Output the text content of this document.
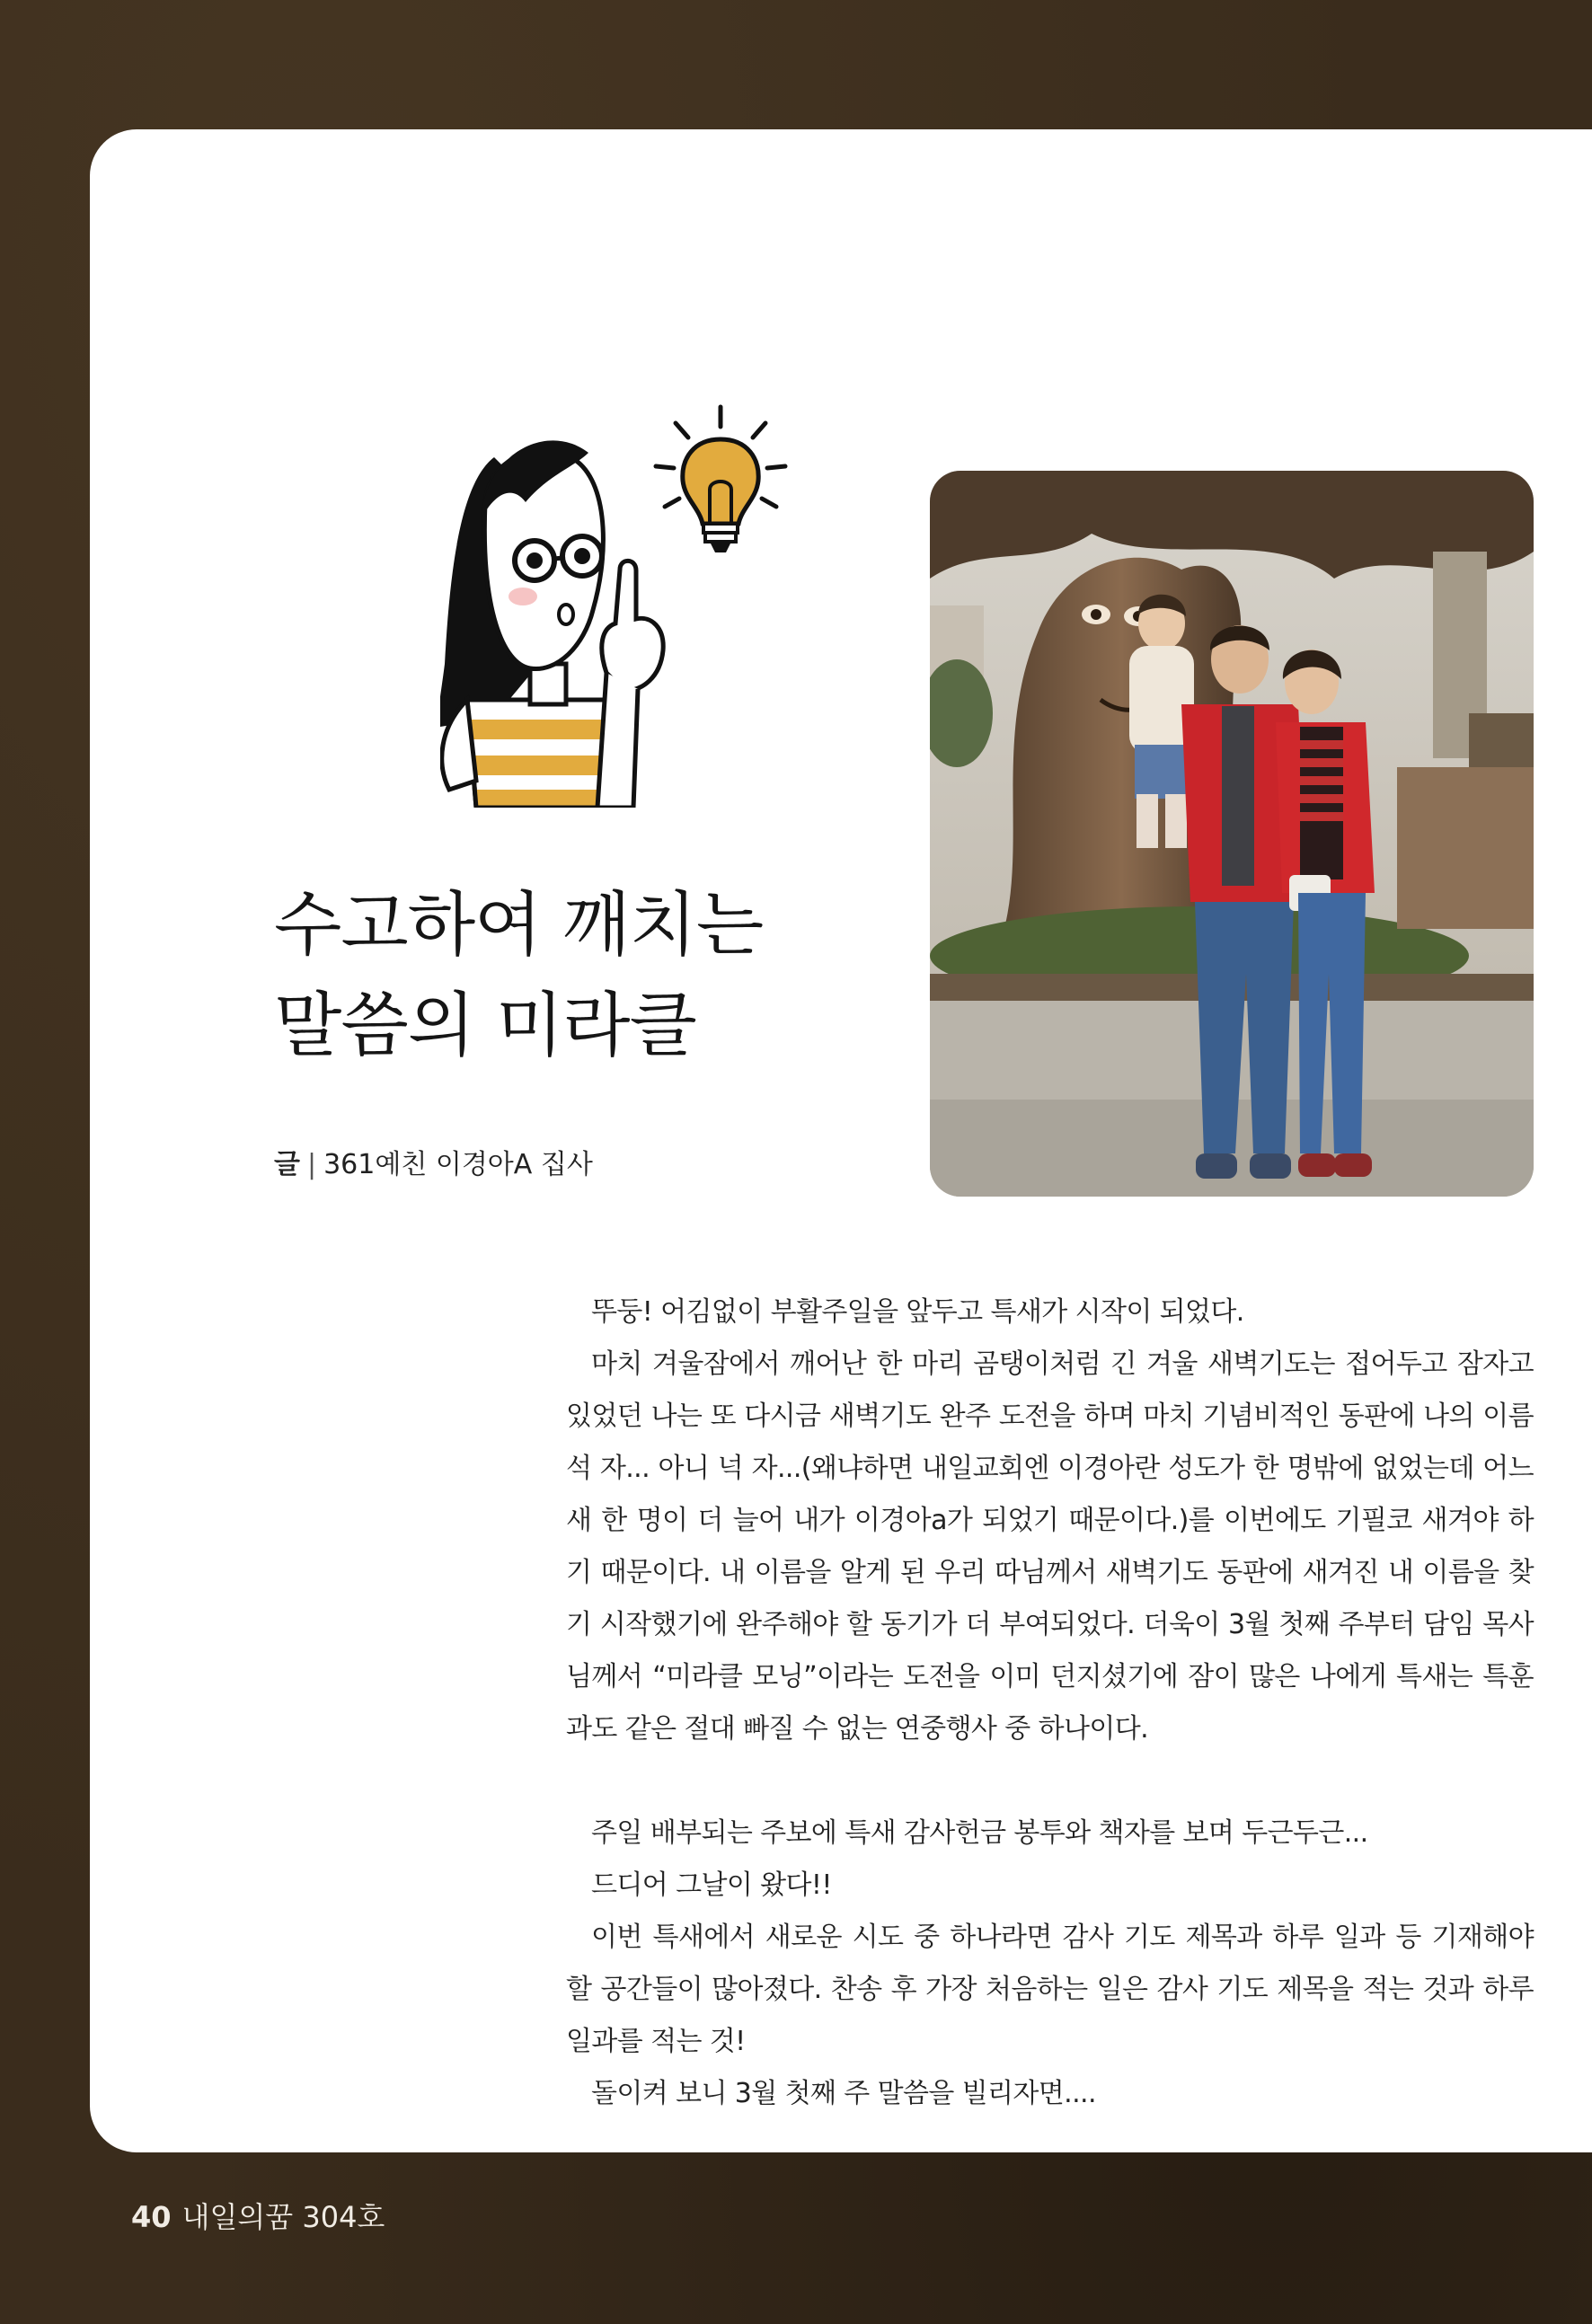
수고하여 깨치는
말씀의 미라클
글 | 361예친 이경아A 집사

뚜둥! 어김없이 부활주일을 앞두고 특새가 시작이 되었다.

마치 겨울잠에서 깨어난 한 마리 곰탱이처럼 긴 겨울 새벽기도는 접어두고 잠자고 있었던 나는 또 다시금 새벽기도 완주 도전을 하며 마치 기념비적인 동판에 나의 이름 석 자... 아니 넉 자...(왜냐하면 내일교회엔 이경아란 성도가 한 명밖에 없었는데 어느새 한 명이 더 늘어 내가 이경아a가 되었기 때문이다.)를 이번에도 기필코 새겨야 하기 때문이다. 내 이름을 알게 된 우리 따님께서 새벽기도 동판에 새겨진 내 이름을 찾기 시작했기에 완주해야 할 동기가 더 부여되었다. 더욱이 3월 첫째 주부터 담임 목사님께서 “미라클 모닝”이라는 도전을 이미 던지셨기에 잠이 많은 나에게 특새는 특훈과도 같은 절대 빠질 수 없는 연중행사 중 하나이다.

주일 배부되는 주보에 특새 감사헌금 봉투와 책자를 보며 두근두근...

드디어 그날이 왔다!!

이번 특새에서 새로운 시도 중 하나라면 감사 기도 제목과 하루 일과 등 기재해야 할 공간들이 많아졌다. 찬송 후 가장 처음하는 일은 감사 기도 제목을 적는 것과 하루 일과를 적는 것!

돌이켜 보니 3월 첫째 주 말씀을 빌리자면....

40 내일의꿈 304호
